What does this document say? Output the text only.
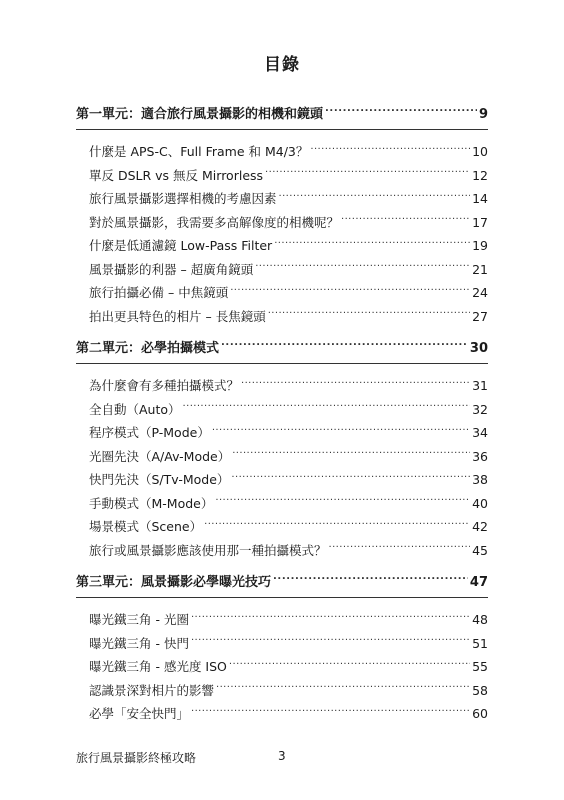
目錄
第一單元：適合旅行風景攝影的相機和鏡頭 .....	9
什麼是 APS-C、Full Frame 和 M4/3？ .....	10
單反 DSLR vs 無反 Mirrorless .....	12
旅行風景攝影選擇相機的考慮因素 .....	14
對於風景攝影，我需要多高解像度的相機呢？ .....	17
什麼是低通濾鏡 Low-Pass Filter .....	19
風景攝影的利器 – 超廣角鏡頭 .....	21
旅行拍攝必備 – 中焦鏡頭 .....	24
拍出更具特色的相片 – 長焦鏡頭 .....	27
第二單元：必學拍攝模式 .....	30
為什麼會有多種拍攝模式？ .....	31
全自動（Auto） .....	32
程序模式（P-Mode） .....	34
光圈先決（A/Av-Mode） .....	36
快門先決（S/Tv-Mode） .....	38
手動模式（M-Mode） .....	40
場景模式（Scene） .....	42
旅行或風景攝影應該使用那一種拍攝模式？ .....	45
第三單元：風景攝影必學曝光技巧 .....	47
曝光鐵三角 - 光圈 .....	48
曝光鐵三角 - 快門 .....	51
曝光鐵三角 - 感光度 ISO .....	55
認識景深對相片的影響 .....	58
必學「安全快門」 .....	60
旅行風景攝影終極攻略	3
